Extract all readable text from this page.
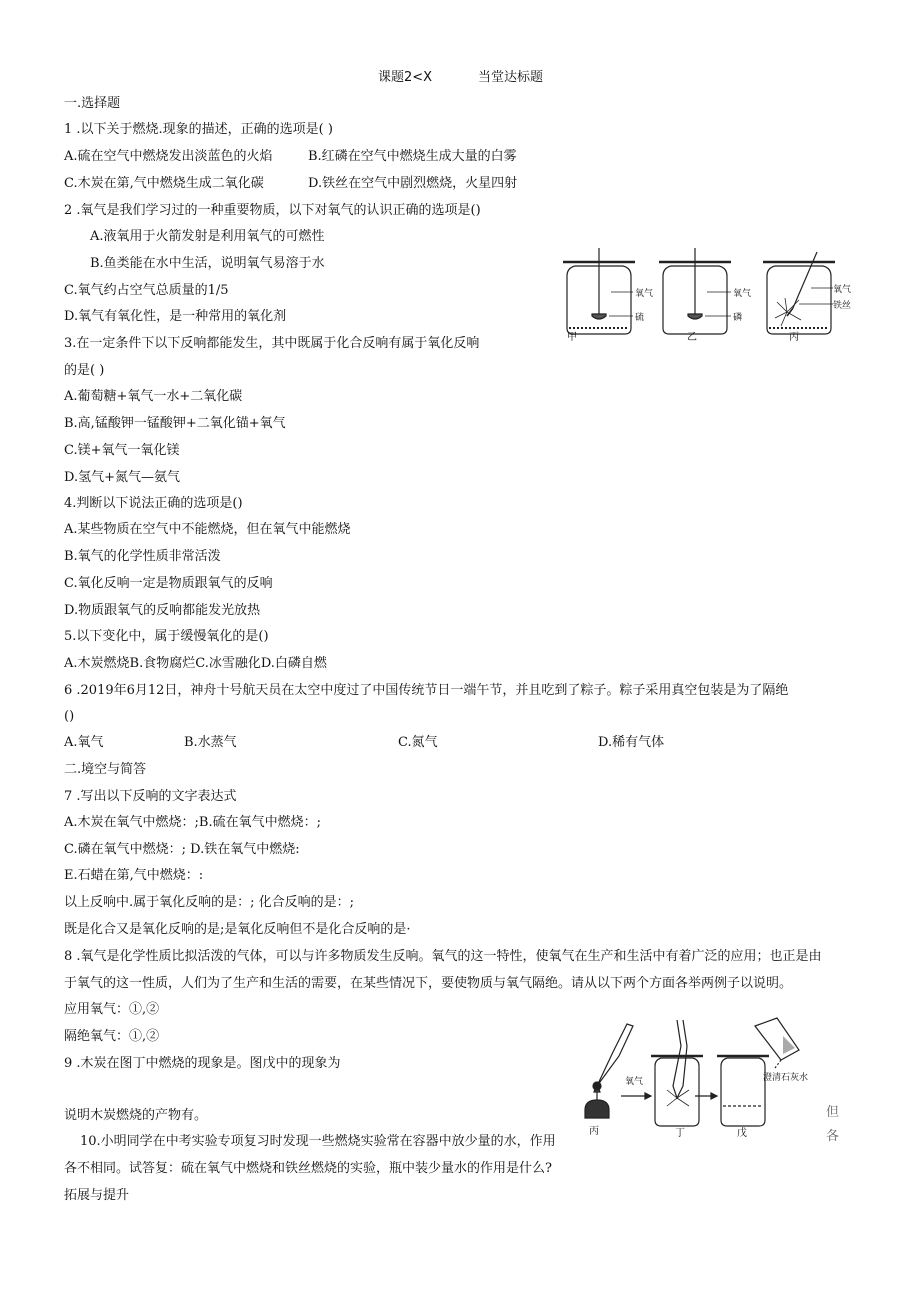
课题2<X	当堂达标题
一.选择题
1 .以下关于燃烧.现象的描述，正确的选项是( )
A.硫在空气中燃烧发出淡蓝色的火焰	B.红磷在空气中燃烧生成大量的白雾
C.木炭在第,气中燃烧生成二氧化碳	D.铁丝在空气中剧烈燃烧，火星四射
2 .氧气是我们学习过的一种重要物质，以下对氧气的认识正确的选项是()
A.液氧用于火箭发射是利用氧气的可燃性
B.鱼类能在水中生活，说明氧气易溶于水
C.氧气约占空气总质量的1/5
D.氧气有氧化性，是一种常用的氧化剂
3.在一定条件下以下反响都能发生，其中既属于化合反响有属于氧化反响
的是( )
A.葡萄糖+氧气一水+二氧化碳
B.高,锰酸钾一锰酸钾+二氧化锚+氧气
C.镁+氧气一氧化镁
D.氢气+氮气—氨气
4.判断以下说法正确的选项是()
A.某些物质在空气中不能燃烧，但在氧气中能燃烧
B.氧气的化学性质非常活泼
C.氧化反响一定是物质跟氧气的反响
D.物质跟氧气的反响都能发光放热
5.以下变化中，属于缓慢氧化的是()
A.木炭燃烧B.食物腐烂C.冰雪融化D.白磷自燃
6 .2019年6月12日，神舟十号航天员在太空中度过了中国传统节日一端午节，并且吃到了粽子。粽子采用真空包装是为了隔绝
()
A.氧气	B.水蒸气	C.氮气	D.稀有气体
二.境空与简答
7 .写出以下反响的文字表达式
A.木炭在氧气中燃烧：;B.硫在氧气中燃烧：;
C.磷在氧气中燃烧：; D.铁在氧气中燃烧:
E.石蜡在第,气中燃烧：:
以上反响中.属于氧化反响的是：; 化合反响的是：;
既是化合又是氧化反响的是;是氧化反响但不是化合反响的是·
8 .氧气是化学性质比拟活泼的气体，可以与许多物质发生反响。氧气的这一特性，使氧气在生产和生活中有着广泛的应用；也正是由
于氧气的这一性质，人们为了生产和生活的需要，在某些情况下，要使物质与氧气隔绝。请从以下两个方面各举两例子以说明。
应用氧气：①,②
隔绝氧气：①,②
9 .木炭在图丁中燃烧的现象是。图戊中的现象为
说明木炭燃烧的产物有。
10.小明同学在中考实验专项复习时发现一些燃烧实验常在容器中放少量的水，作用
各不相同。试答复：硫在氧气中燃烧和铁丝燃烧的实验，瓶中装少量水的作用是什么?
拓展与提升
但
各
氧气
硫
甲
氧气
磷
乙
氧气
铁丝
丙
丙
氧气
丁
澄清石灰水
戊
